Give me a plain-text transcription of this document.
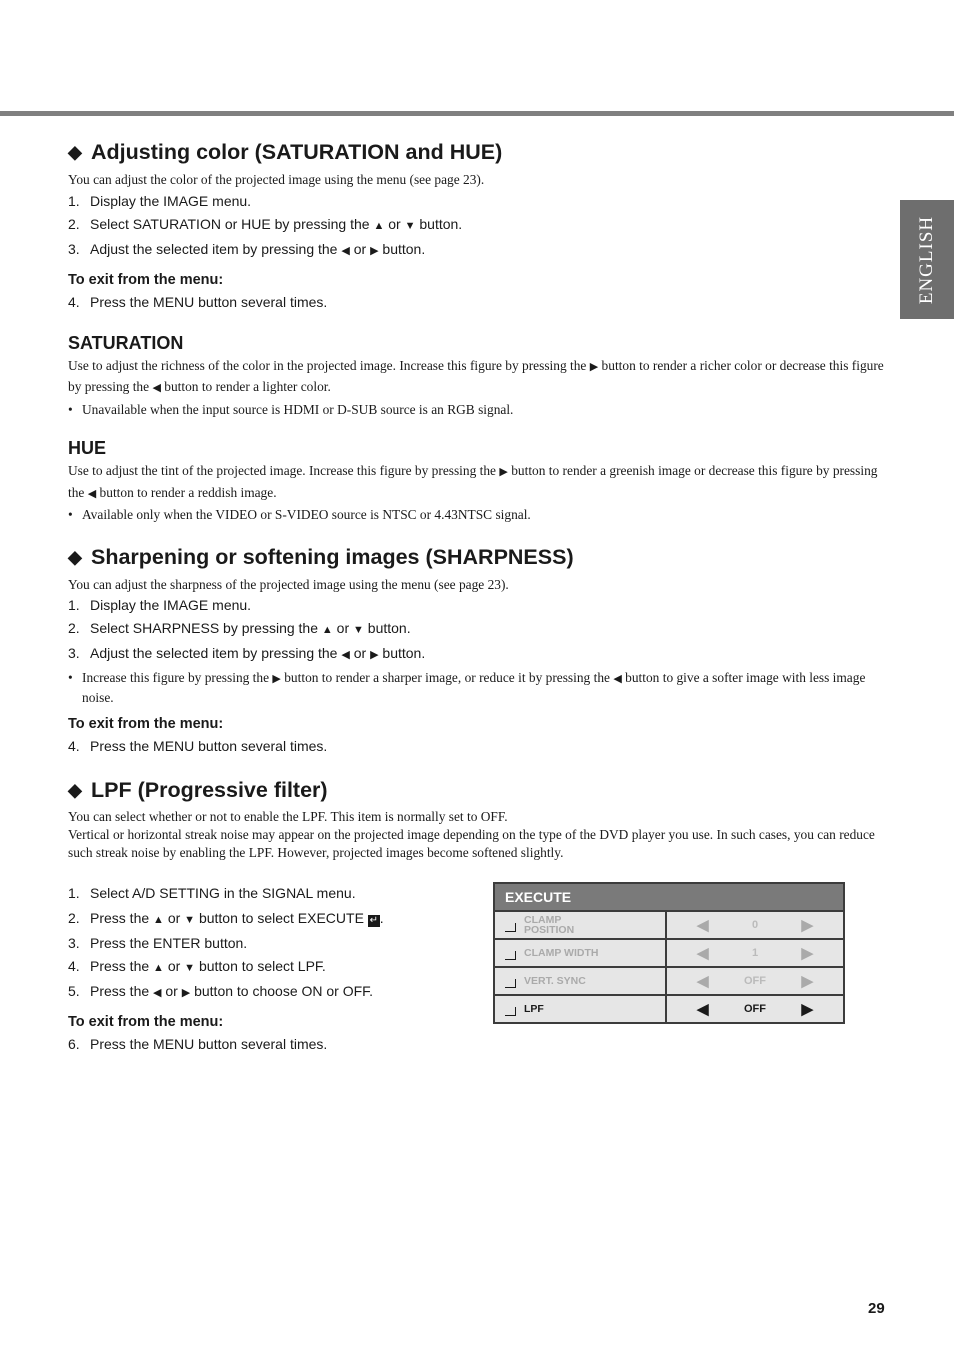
ENGLISH
◆ Adjusting color (SATURATION and HUE)

You can adjust the color of the projected image using the menu (see page 23).

1. Display the IMAGE menu.
2. Select SATURATION or HUE by pressing the ▲ or ▼ button.
3. Adjust the selected item by pressing the ◀ or ▶ button.
To exit from the menu:
4. Press the MENU button several times.
SATURATION

Use to adjust the richness of the color in the projected image. Increase this figure by pressing the ▶ button to render a richer color or decrease this figure by pressing the ◀ button to render a lighter color.

• Unavailable when the input source is HDMI or D-SUB source is an RGB signal.
HUE

Use to adjust the tint of the projected image. Increase this figure by pressing the ▶ button to render a greenish image or decrease this figure by pressing the ◀ button to render a reddish image.

• Available only when the VIDEO or S-VIDEO source is NTSC or 4.43NTSC signal.
◆ Sharpening or softening images (SHARPNESS)

You can adjust the sharpness of the projected image using the menu (see page 23).

1. Display the IMAGE menu.
2. Select SHARPNESS by pressing the ▲ or ▼ button.
3. Adjust the selected item by pressing the ◀ or ▶ button.
• Increase this figure by pressing the ▶ button to render a sharper image, or reduce it by pressing the ◀ button to give a softer image with less image noise.
To exit from the menu:
4. Press the MENU button several times.
◆ LPF (Progressive filter)

You can select whether or not to enable the LPF. This item is normally set to OFF.

Vertical or horizontal streak noise may appear on the projected image depending on the type of the DVD player you use. In such cases, you can reduce such streak noise by enabling the LPF. However, projected images become softened slightly.

1. Select A/D SETTING in the SIGNAL menu.
2. Press the ▲ or ▼ button to select EXECUTE ↵ .
3. Press the ENTER button.
4. Press the ▲ or ▼ button to select LPF.
5. Press the ◀ or ▶ button to choose ON or OFF.
To exit from the menu:
6. Press the MENU button several times.
EXECUTE
CLAMP POSITION	◀	0	▶
CLAMP WIDTH	◀	1	▶
VERT. SYNC	◀	OFF ▶
LPF	◀	OFF ▶
29
